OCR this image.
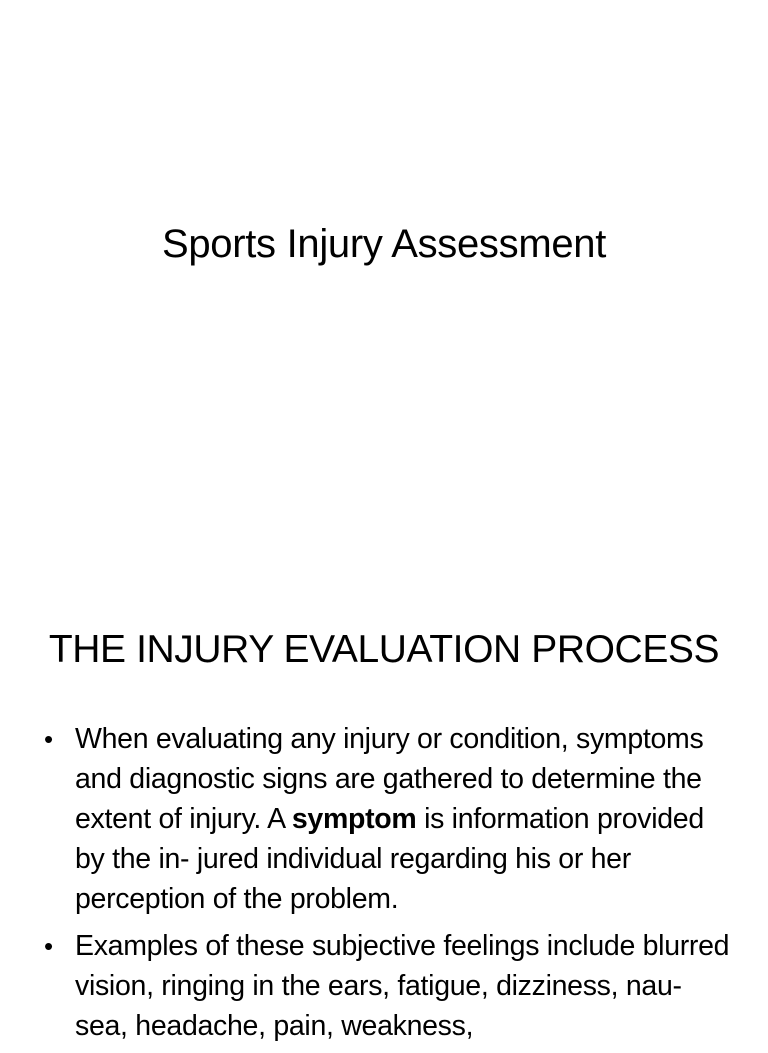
Sports Injury Assessment
THE INJURY EVALUATION PROCESS
• When evaluating any injury or condition, symptoms and diagnostic signs are gathered to determine the extent of injury. A symptom is information provided by the in- jured individual regarding his or her perception of the problem.
• Examples of these subjective feelings include blurred vision, ringing in the ears, fatigue, dizziness, nau- sea, headache, pain, weakness,
